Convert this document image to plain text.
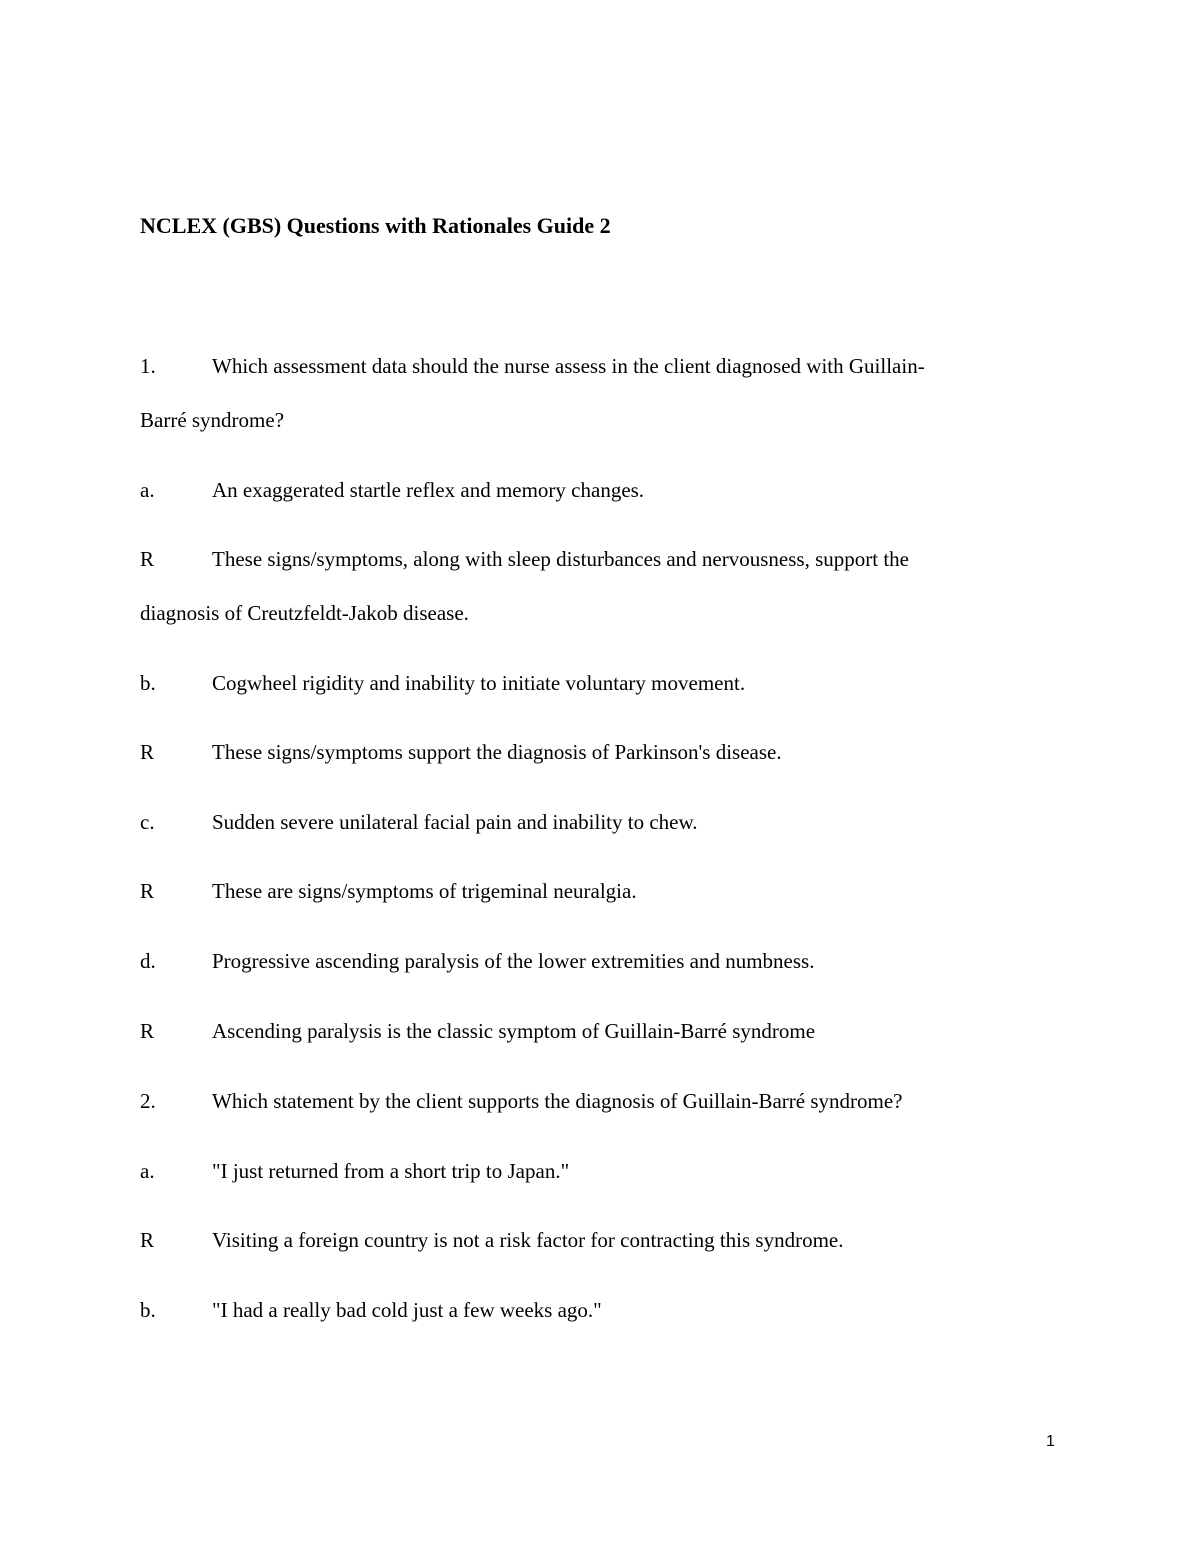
NCLEX (GBS) Questions with Rationales Guide 2
1.	Which assessment data should the nurse assess in the client diagnosed with Guillain-
Barré syndrome?
a.	An exaggerated startle reflex and memory changes.
R	These signs/symptoms, along with sleep disturbances and nervousness, support the
diagnosis of Creutzfeldt-Jakob disease.
b.	Cogwheel rigidity and inability to initiate voluntary movement.
R	These signs/symptoms support the diagnosis of Parkinson's disease.
c.	Sudden severe unilateral facial pain and inability to chew.
R	These are signs/symptoms of trigeminal neuralgia.
d.	Progressive ascending paralysis of the lower extremities and numbness.
R	Ascending paralysis is the classic symptom of Guillain-Barré syndrome
2.	Which statement by the client supports the diagnosis of Guillain-Barré syndrome?
a.	"I just returned from a short trip to Japan."
R	Visiting a foreign country is not a risk factor for contracting this syndrome.
b.	"I had a really bad cold just a few weeks ago."
1
